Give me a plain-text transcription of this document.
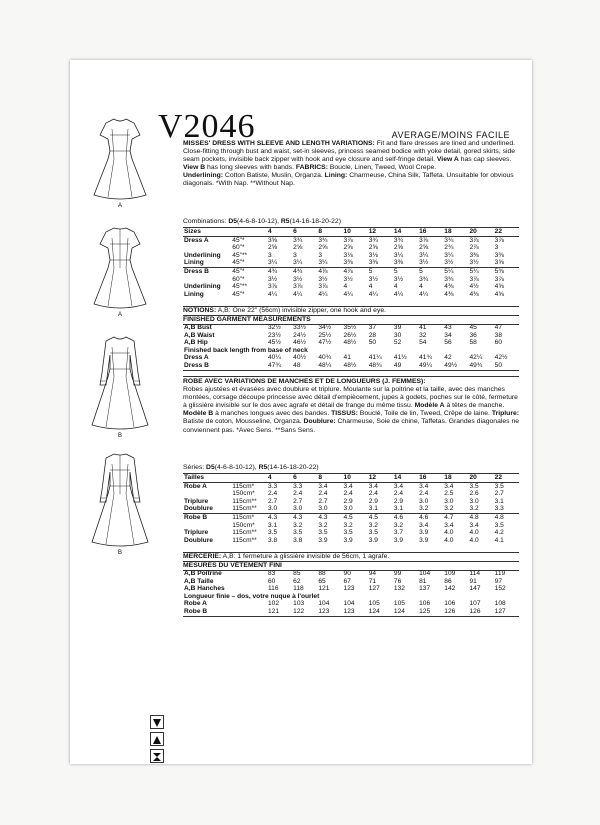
A
A
B
B
V2046	AVERAGE/MOINS FACILE
MISSES' DRESS WITH SLEEVE AND LENGTH VARIATIONS: Fit and flare dresses are lined and underlined. Close-fitting through bust and waist, set-in sleeves, princess seamed bodice with yoke detail, gored skirts, side seam pockets, invisible back zipper with hook and eye closure and self-fringe detail. View A has cap sleeves. View B has long sleeves with bands. FABRICS: Boucle, Linen, Tweed, Wool Crepe.
Underlining: Cotton Batiste, Muslin, Organza. Lining: Charmeuse, China Silk, Taffeta. Unsuitable for obvious diagonals. *With Nap. **Without Nap.
Combinations: D5(4-6-8-10-12), R5(14-16-18-20-22)
Sizes		4	6	8	10	12	14	16	18	20	22
Dress A	45"*	3⅝	3¾	3¾	3⅞	3¾	3¾	3⅞	3¾	3⅞	3⅞
	60"*	2⅝	2⅝	2⅝	2⅝	2⅝	2⅝	2⅝	2¾	2⅞	3
Underlining	45"**	3	3	3	3⅛	3⅛	3¼	3¼	3¼	3⅜	3⅜
Lining	45"*	3¼	3¼	3¼	3⅜	3⅜	3⅜	3½	3½	3½	3⅝
Dress B	45"*	4¾	4¾	4⅞	4⅞	5	5	5	5¼	5¼	5⅜
	60"*	3½	3½	3½	3½	3½	3½	3¾	3¾	3⅞	3⅞
Underlining	45"**	3⅞	3⅞	3⅞	4	4	4	4	4⅜	4½	4⅝
Lining	45"*	4¼	4¼	4¼	4¼	4¼	4¼	4¼	4⅜	4⅜	4⅝
NOTIONS: A,B: One 22" (56cm) invisible zipper, one hook and eye.
FINISHED GARMENT MEASUREMENTS
A,B Bust		32½	33½	34½	35½	37	39	41	43	45	47
A,B Waist		23½	24½	25½	26½	28	30	32	34	36	38
A,B Hip		45½	46½	47½	48½	50	52	54	56	58	60
Finished back length from base of neck											
Dress A		40¼	40½	40¾	41	41¼	41½	41¾	42	42¼	42½
Dress B		47¾	48	48¼	48½	48¾	49	49¼	49½	49¾	50
ROBE AVEC VARIATIONS DE MANCHES ET DE LONGUEURS (J. FEMMES):
Robes ajustées et évasées avec doublure et triplure. Moulante sur la poitrine et la taille, avec des manches montées, corsage découpe princesse avec détail d'empiècement, jupes à godets, poches sur le côté, fermeture à glissière invisible sur le dos avec agrafe et détail de frange du même tissu. Modèle A à têtes de manche. Modèle B à manches longues avec des bandes. TISSUS: Bouclé, Toile de lin, Tweed, Crêpe de laine. Triplure: Batiste de coton, Mousseline, Organza. Doublure: Charmeuse, Soie de chine, Taffetas. Grandes diagonales ne conviennent pas. *Avec Sens. **Sans Sens.
Séries: D5(4-6-8-10-12), R5(14-16-18-20-22)
Tailles		4	6	8	10	12	14	16	18	20	22
Robe A	115cm*	3.3	3.3	3.4	3.4	3.4	3.4	3.4	3.4	3.5	3.5
	150cm*	2.4	2.4	2.4	2.4	2.4	2.4	2.4	2.5	2.6	2.7
Triplure	115cm**	2.7	2.7	2.7	2.9	2.9	2.9	3.0	3.0	3.0	3.1
Doublure	115cm**	3.0	3.0	3.0	3.0	3.1	3.1	3.2	3.2	3.2	3.3
Robe B	115cm*	4.3	4.3	4.3	4.5	4.5	4.6	4.6	4.7	4.8	4.8
	150cm*	3.1	3.2	3.2	3.2	3.2	3.2	3.4	3.4	3.4	3.5
Triplure	115cm**	3.5	3.5	3.5	3.5	3.5	3.7	3.9	4.0	4.0	4.2
Doublure	115cm**	3.8	3.8	3.9	3.9	3.9	3.9	3.9	4.0	4.0	4.1
MERCERIE: A,B: 1 fermeture à glissière invisible de 56cm, 1 agrafe.
MESURES DU VÊTEMENT FINI
A,B Poitrine		83	85	88	90	94	99	104	109	114	119
A,B Taille		60	62	65	67	71	76	81	86	91	97
A,B Hanches		116	118	121	123	127	132	137	142	147	152
Longueur finie – dos, votre nuque à l'ourlet											
Robe A		102	103	104	104	105	105	106	106	107	108
Robe B		121	122	123	123	124	124	125	126	126	127
